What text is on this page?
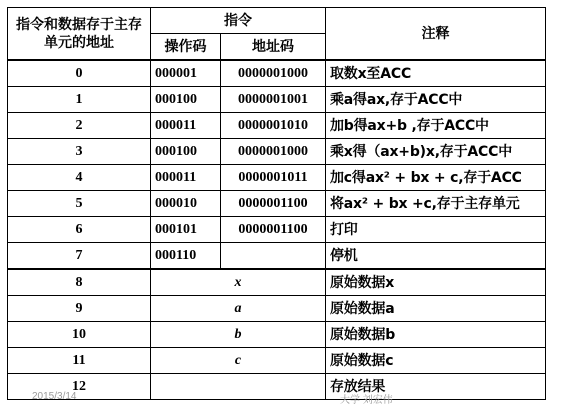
指令和数据存于主存单元的地址	指令		注释
	操作码	地址码	
0	000001	0000001000	取数x至ACC
1	000100	0000001001	乘a得ax,存于ACC中
2	000011	0000001010	加b得ax+b ,存于ACC中
3	000100	0000001000	乘x得（ax+b)x,存于ACC中
4	000011	0000001011	加c得ax² + bx + c,存于ACC
5	000010	0000001100	将ax² + bx +c,存于主存单元
6	000101	0000001100	打印
7	000110		停机
8	x		原始数据x
9	a		原始数据a
10	b		原始数据b
11	c		原始数据c
12			存放结果
2015/3/14	大学 刘宏伟
